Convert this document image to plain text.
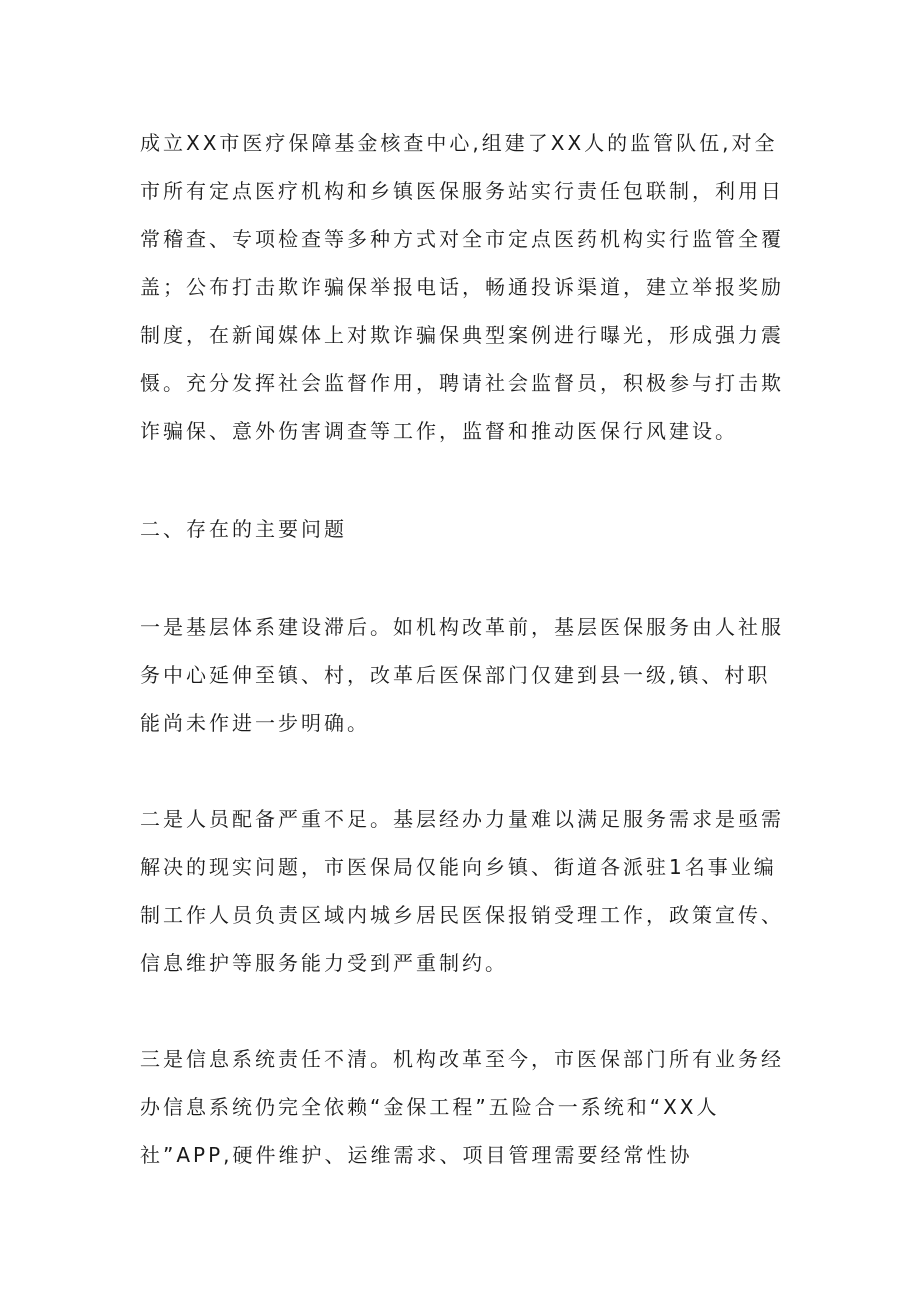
成立XX市医疗保障基金核查中心,组建了XX人的监管队伍,对全
市所有定点医疗机构和乡镇医保服务站实行责任包联制，利用日
常稽查、专项检查等多种方式对全市定点医药机构实行监管全覆
盖；公布打击欺诈骗保举报电话，畅通投诉渠道，建立举报奖励
制度，在新闻媒体上对欺诈骗保典型案例进行曝光，形成强力震
慑。充分发挥社会监督作用，聘请社会监督员，积极参与打击欺
诈骗保、意外伤害调查等工作，监督和推动医保行风建设。
二、存在的主要问题
一是基层体系建设滞后。如机构改革前，基层医保服务由人社服
务中心延伸至镇、村，改革后医保部门仅建到县一级,镇、村职
能尚未作进一步明确。
二是人员配备严重不足。基层经办力量难以满足服务需求是亟需
解决的现实问题，市医保局仅能向乡镇、街道各派驻1名事业编
制工作人员负责区域内城乡居民医保报销受理工作，政策宣传、
信息维护等服务能力受到严重制约。
三是信息系统责任不清。机构改革至今，市医保部门所有业务经
办信息系统仍完全依赖“金保工程”五险合一系统和“XX人
社”APP,硬件维护、运维需求、项目管理需要经常性协
